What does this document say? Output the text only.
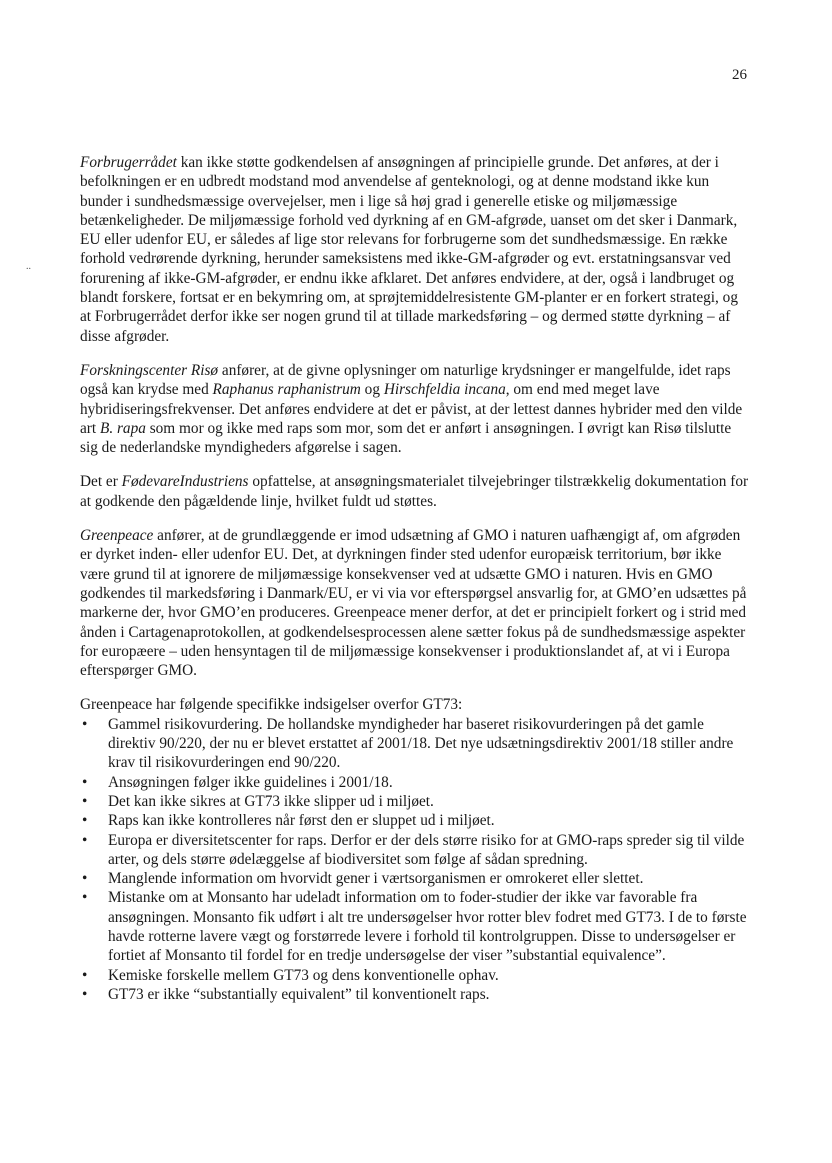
26
..

Forbrugerrådet kan ikke støtte godkendelsen af ansøgningen af principielle grunde. Det anføres, at der i befolkningen er en udbredt modstand mod anvendelse af genteknologi, og at denne modstand ikke kun bunder i sundhedsmæssige overvejelser, men i lige så høj grad i generelle etiske og miljømæssige betænkeligheder. De miljømæssige forhold ved dyrkning af en GM-afgrøde, uanset om det sker i Danmark, EU eller udenfor EU, er således af lige stor relevans for forbrugerne som det sundhedsmæssige. En række forhold vedrørende dyrkning, herunder sameksistens med ikke-GM-afgrøder og evt. erstatningsansvar ved forurening af ikke-GM-afgrøder, er endnu ikke afklaret. Det anføres endvidere, at der, også i landbruget og blandt forskere, fortsat er en bekymring om, at sprøjtemiddelresistente GM-planter er en forkert strategi, og at Forbrugerrådet derfor ikke ser nogen grund til at tillade markedsføring – og dermed støtte dyrkning – af disse afgrøder.

Forskningscenter Risø anfører, at de givne oplysninger om naturlige krydsninger er mangelfulde, idet raps også kan krydse med Raphanus raphanistrum og Hirschfeldia incana, om end med meget lave hybridiseringsfrekvenser. Det anføres endvidere at det er påvist, at der lettest dannes hybrider med den vilde art B. rapa som mor og ikke med raps som mor, som det er anført i ansøgningen. I øvrigt kan Risø tilslutte sig de nederlandske myndigheders afgørelse i sagen.

Det er FødevareIndustriens opfattelse, at ansøgningsmaterialet tilvejebringer tilstrækkelig dokumentation for at godkende den pågældende linje, hvilket fuldt ud støttes.

Greenpeace anfører, at de grundlæggende er imod udsætning af GMO i naturen uafhængigt af, om afgrøden er dyrket inden- eller udenfor EU. Det, at dyrkningen finder sted udenfor europæisk territorium, bør ikke være grund til at ignorere de miljømæssige konsekvenser ved at udsætte GMO i naturen. Hvis en GMO godkendes til markedsføring i Danmark/EU, er vi via vor efterspørgsel ansvarlig for, at GMO’en udsættes på markerne der, hvor GMO’en produceres. Greenpeace mener derfor, at det er principielt forkert og i strid med ånden i Cartagenaprotokollen, at godkendelsesprocessen alene sætter fokus på de sundhedsmæssige aspekter for europæere – uden hensyntagen til de miljømæssige konsekvenser i produktionslandet af, at vi i Europa efterspørger GMO.

Greenpeace har følgende specifikke indsigelser overfor GT73:

• Gammel risikovurdering. De hollandske myndigheder har baseret risikovurderingen på det gamle direktiv 90/220, der nu er blevet erstattet af 2001/18. Det nye udsætningsdirektiv 2001/18 stiller andre krav til risikovurderingen end 90/220.
• Ansøgningen følger ikke guidelines i 2001/18.
• Det kan ikke sikres at GT73 ikke slipper ud i miljøet.
• Raps kan ikke kontrolleres når først den er sluppet ud i miljøet.
• Europa er diversitetscenter for raps. Derfor er der dels større risiko for at GMO-raps spreder sig til vilde arter, og dels større ødelæggelse af biodiversitet som følge af sådan spredning.
• Manglende information om hvorvidt gener i værtsorganismen er omrokeret eller slettet.
• Mistanke om at Monsanto har udeladt information om to foder-studier der ikke var favorable fra ansøgningen. Monsanto fik udført i alt tre undersøgelser hvor rotter blev fodret med GT73. I de to første havde rotterne lavere vægt og forstørrede levere i forhold til kontrolgruppen. Disse to undersøgelser er fortiet af Monsanto til fordel for en tredje undersøgelse der viser ”substantial equivalence”.
• Kemiske forskelle mellem GT73 og dens konventionelle ophav.
• GT73 er ikke “substantially equivalent” til konventionelt raps.
